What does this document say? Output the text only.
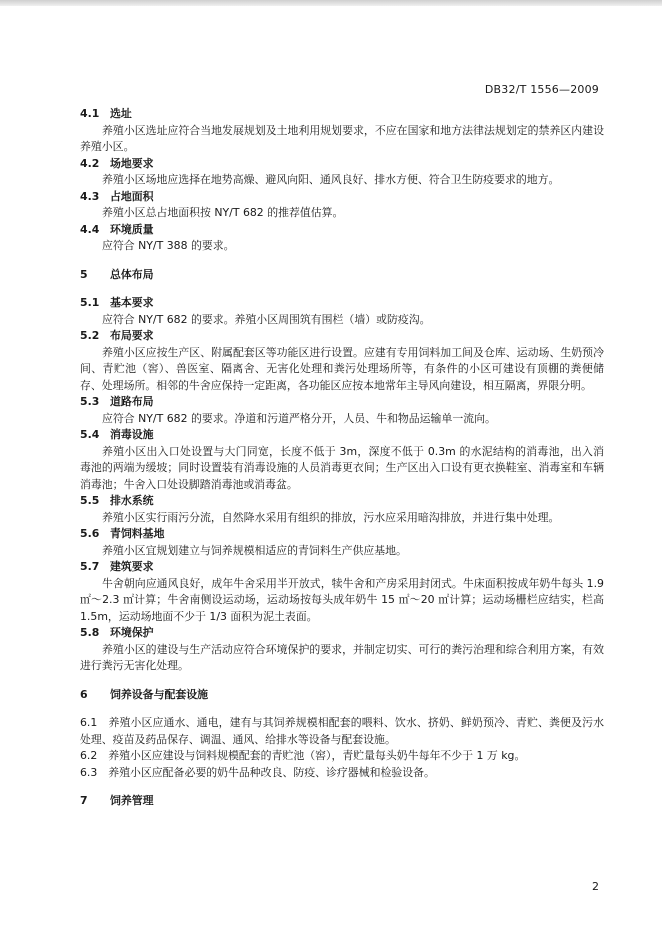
DB32/T 1556—2009
4.1 选址

养殖小区选址应符合当地发展规划及土地利用规划要求，不应在国家和地方法律法规划定的禁养区内建设养殖小区。

4.2 场地要求

养殖小区场地应选择在地势高燥、避风向阳、通风良好、排水方便、符合卫生防疫要求的地方。

4.3 占地面积

养殖小区总占地面积按 NY/T 682 的推荐值估算。

4.4 环境质量

应符合 NY/T 388 的要求。

5 总体布局
5.1 基本要求

应符合 NY/T 682 的要求。养殖小区周围筑有围栏（墙）或防疫沟。

5.2 布局要求

养殖小区应按生产区、附属配套区等功能区进行设置。应建有专用饲料加工间及仓库、运动场、生奶预冷间、青贮池（窖）、兽医室、隔离舍、无害化处理和粪污处理场所等，有条件的小区可建设有顶棚的粪便储存、处理场所。相邻的牛舍应保持一定距离，各功能区应按本地常年主导风向建设，相互隔离，界限分明。

5.3 道路布局

应符合 NY/T 682 的要求。净道和污道严格分开，人员、牛和物品运输单一流向。

5.4 消毒设施

养殖小区出入口处设置与大门同宽，长度不低于 3m，深度不低于 0.3m 的水泥结构的消毒池，出入消毒池的两端为缓坡；同时设置装有消毒设施的人员消毒更衣间；生产区出入口设有更衣换鞋室、消毒室和车辆消毒池；牛舍入口处设脚踏消毒池或消毒盆。

5.5 排水系统

养殖小区实行雨污分流，自然降水采用有组织的排放，污水应采用暗沟排放，并进行集中处理。

5.6 青饲料基地

养殖小区宜规划建立与饲养规模相适应的青饲料生产供应基地。

5.7 建筑要求

牛舍朝向应通风良好，成年牛舍采用半开放式，犊牛舍和产房采用封闭式。牛床面积按成年奶牛每头 1.9 ㎡～2.3 ㎡计算；牛舍南侧设运动场，运动场按每头成年奶牛 15 ㎡～20 ㎡计算；运动场栅栏应结实，栏高 1.5m，运动场地面不少于 1/3 面积为泥土表面。

5.8 环境保护

养殖小区的建设与生产活动应符合环境保护的要求，并制定切实、可行的粪污治理和综合利用方案，有效进行粪污无害化处理。

6 饲养设备与配套设施

6.1　养殖小区应通水、通电，建有与其饲养规模相配套的喂料、饮水、挤奶、鲜奶预冷、青贮、粪便及污水处理、疫苗及药品保存、调温、通风、给排水等设备与配套设施。

6.2　养殖小区应建设与饲料规模配套的青贮池（窖），青贮量每头奶牛每年不少于 1 万 kg。

6.3　养殖小区应配备必要的奶牛品种改良、防疫、诊疗器械和检验设备。

7 饲养管理
2
